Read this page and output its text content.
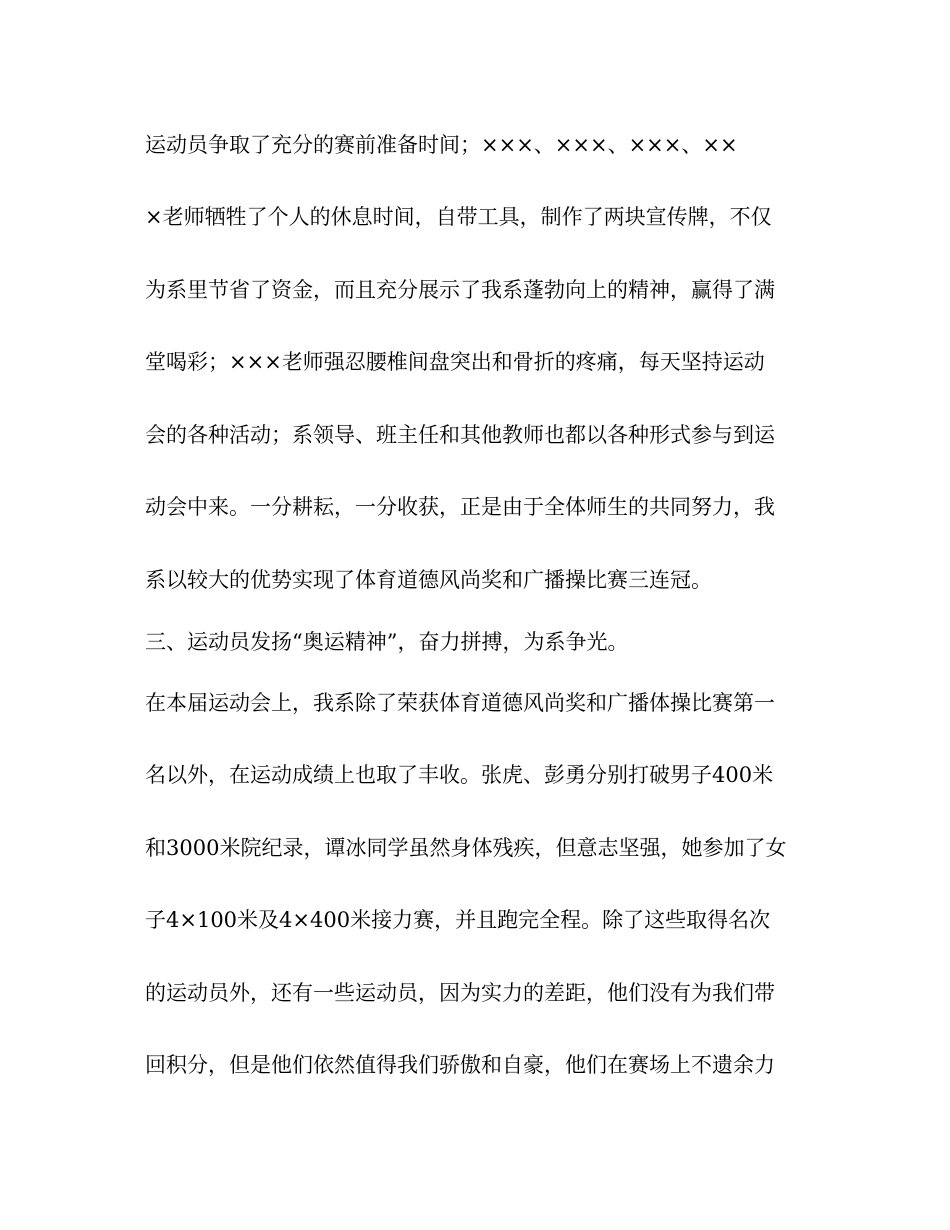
运动员争取了充分的赛前准备时间；×××、×××、×××、××
×老师牺牲了个人的休息时间，自带工具，制作了两块宣传牌，不仅
为系里节省了资金，而且充分展示了我系蓬勃向上的精神，赢得了满
堂喝彩；×××老师强忍腰椎间盘突出和骨折的疼痛，每天坚持运动
会的各种活动；系领导、班主任和其他教师也都以各种形式参与到运
动会中来。一分耕耘，一分收获，正是由于全体师生的共同努力，我
系以较大的优势实现了体育道德风尚奖和广播操比赛三连冠。
三、运动员发扬“奥运精神”，奋力拼搏，为系争光。
在本届运动会上，我系除了荣获体育道德风尚奖和广播体操比赛第一
名以外，在运动成绩上也取了丰收。张虎、彭勇分别打破男子400米
和3000米院纪录，谭冰同学虽然身体残疾，但意志坚强，她参加了女
子4×100米及4×400米接力赛，并且跑完全程。除了这些取得名次
的运动员外，还有一些运动员，因为实力的差距，他们没有为我们带
回积分，但是他们依然值得我们骄傲和自豪，他们在赛场上不遗余力
